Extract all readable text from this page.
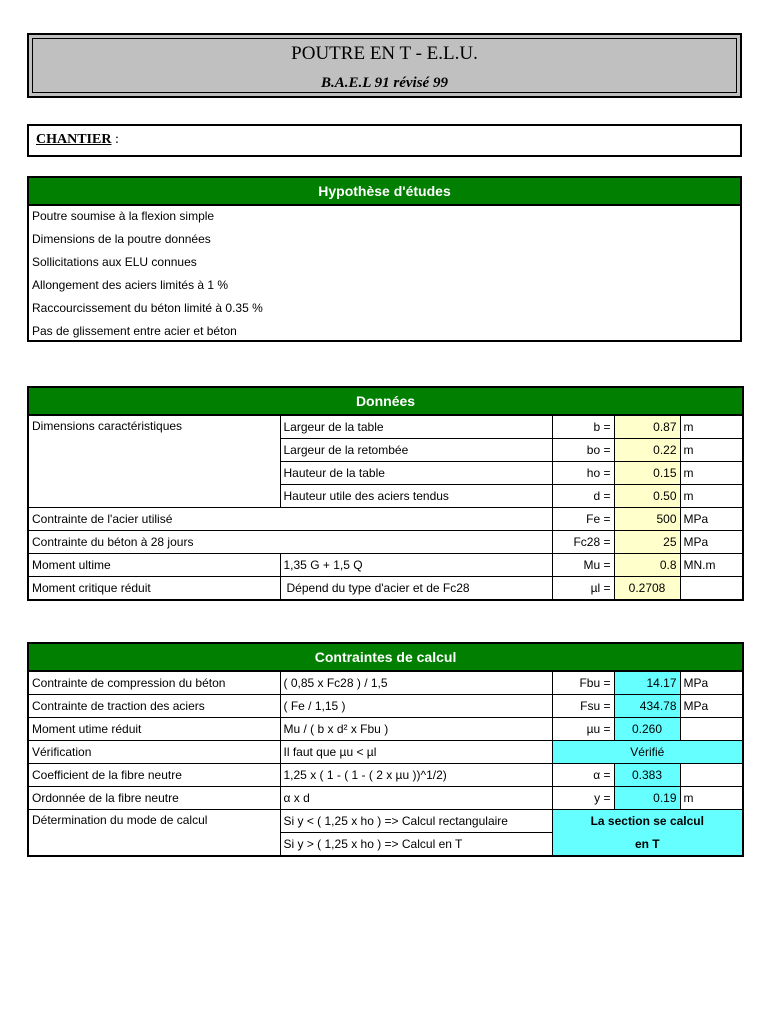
POUTRE EN T - E.L.U.
B.A.E.L 91 révisé 99
CHANTIER :
Hypothèse d'études
Poutre soumise à la flexion simple
Dimensions de la poutre données
Sollicitations aux ELU connues
Allongement des aciers limités à 1 %
Raccourcissement du béton limité à 0.35 %
Pas de glissement entre acier et béton
Données				
Dimensions caractéristiques	Largeur de la table	b =	0.87	m
	Largeur de la retombée	bo =	0.22	m
	Hauteur de la table	ho =	0.15	m
	Hauteur utile des aciers tendus	d =	0.50	m
Contrainte de l'acier utilisé		Fe =	500	MPa
Contrainte du béton à 28 jours		Fc28 =	25	MPa
Moment ultime	1,35 G + 1,5 Q	Mu =	0.8	MN.m
Moment critique réduit	Dépend du type d'acier et de Fc28	µl =	0.2708	
Contraintes de calcul				
Contrainte de compression du béton	( 0,85 x Fc28 ) / 1,5	Fbu =	14.17	MPa
Contrainte de traction des aciers	( Fe / 1,15 )	Fsu =	434.78	MPa
Moment utime réduit	Mu / ( b x d² x Fbu )	µu =	0.260	
Vérification	Il faut que µu < µl	Vérifié		
Coefficient de la fibre neutre	1,25 x ( 1 - ( 1 - ( 2 x µu ))^1/2)	α =	0.383	
Ordonnée de la fibre neutre	α x d	y =	0.19	m
Détermination du mode de calcul	Si y < ( 1,25 x ho ) => Calcul rectangulaire	La section se calcul		
	Si y > ( 1,25 x ho ) => Calcul en T	en T		
